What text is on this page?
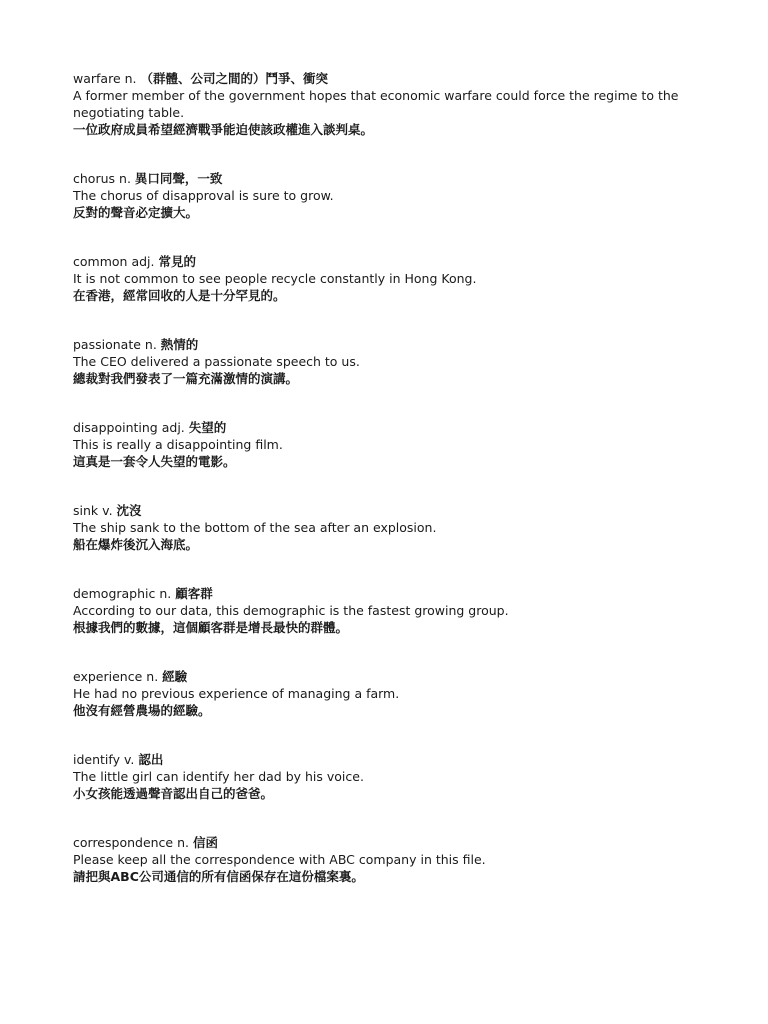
warfare n. （群體、公司之間的）鬥爭、衝突

A former member of the government hopes that economic warfare could force the regime to the negotiating table.

一位政府成員希望經濟戰爭能迫使該政權進入談判桌。

chorus n. 異口同聲，一致

The chorus of disapproval is sure to grow.

反對的聲音必定擴大。

common adj. 常見的

It is not common to see people recycle constantly in Hong Kong.

在香港，經常回收的人是十分罕見的。

passionate n. 熱情的

The CEO delivered a passionate speech to us.

總裁對我們發表了一篇充滿激情的演講。

disappointing adj. 失望的

This is really a disappointing film.

這真是一套令人失望的電影。

sink v. 沈沒

The ship sank to the bottom of the sea after an explosion.

船在爆炸後沉入海底。

demographic n. 顧客群

According to our data, this demographic is the fastest growing group.

根據我們的數據，這個顧客群是增長最快的群體。

experience n. 經驗

He had no previous experience of managing a farm.

他沒有經營農場的經驗。

identify v. 認出

The little girl can identify her dad by his voice.

小女孩能透過聲音認出自己的爸爸。

correspondence n. 信函

Please keep all the correspondence with ABC company in this file.

請把與ABC公司通信的所有信函保存在這份檔案裏。
